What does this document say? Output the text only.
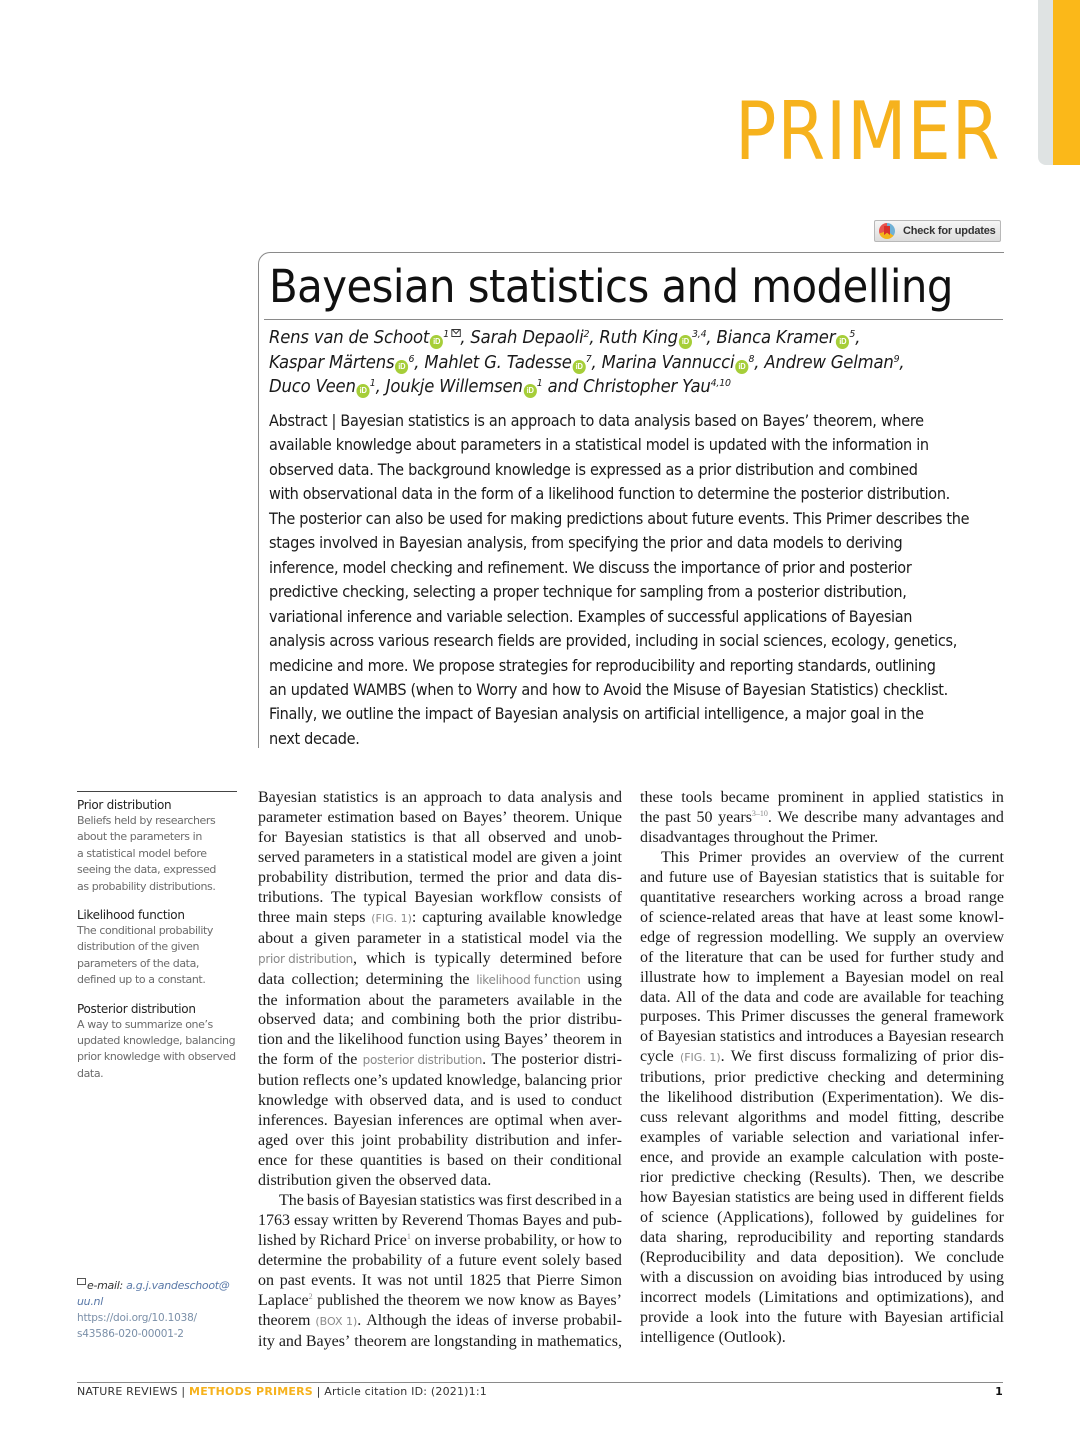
PRIMER
Check for updates
Bayesian statistics and modelling
Rens van de Schoot $iD^1$ , Sarah Depaoli$^2$, Ruth King iD$^{3,4}$, Bianca Kramer $iD^5$,
Kaspar Märtens $iD^6$, Mahlet G. Tadesse $iD^7$, Marina Vannucci $iD^8$, Andrew Gelman$^9$,
Duco Veen $iD^1$, Joukje Willemsen $iD^1$ and Christopher Yau$^{4,10}$
Abstract | Bayesian statistics is an approach to data analysis based on Bayes’ theorem, where
available knowledge about parameters in a statistical model is updated with the information in
observed data. The background knowledge is expressed as a prior distribution and combined
with observational data in the form of a likelihood function to determine the posterior distribution.
The posterior can also be used for making predictions about future events. This Primer describes the
stages involved in Bayesian analysis, from specifying the prior and data models to deriving
inference, model checking and refinement. We discuss the importance of prior and posterior
predictive checking, selecting a proper technique for sampling from a posterior distribution,
variational inference and variable selection. Examples of successful applications of Bayesian
analysis across various research fields are provided, including in social sciences, ecology, genetics,
medicine and more. We propose strategies for reproducibility and reporting standards, outlining
an updated WAMBS (when to Worry and how to Avoid the Misuse of Bayesian Statistics) checklist.
Finally, we outline the impact of Bayesian analysis on artificial intelligence, a major goal in the
next decade.
Prior distribution
Beliefs held by researchers
about the parameters in
a statistical model before
seeing the data, expressed
as probability distributions.
Likelihood function
The conditional probability
distribution of the given
parameters of the data,
defined up to a constant.
Posterior distribution
A way to summarize one’s
updated knowledge, balancing
prior knowledge with observed
data.
e-mail: a.g.j.vandeschoot@
uu.nl
https://doi.org/10.1038/
s43586-020-00001-2
Bayesian statistics is an approach to data analysis and
parameter estimation based on Bayes’ theorem. Unique
for Bayesian statistics is that all observed and unob-
served parameters in a statistical model are given a joint
probability distribution, termed the prior and data dis-
tributions. The typical Bayesian workflow consists of
three main steps (FIG. 1): capturing available knowledge
about a given parameter in a statistical model via the
prior distribution, which is typically determined before
data collection; determining the likelihood function using
the information about the parameters available in the
observed data; and combining both the prior distribu-
tion and the likelihood function using Bayes’ theorem in
the form of the posterior distribution. The posterior distri-
bution reflects one’s updated knowledge, balancing prior
knowledge with observed data, and is used to conduct
inferences. Bayesian inferences are optimal when aver-
aged over this joint probability distribution and infer-
ence for these quantities is based on their conditional
distribution given the observed data.
The basis of Bayesian statistics was first described in a
1763 essay written by Reverend Thomas Bayes and pub-
lished by Richard Price$^1$ on inverse probability, or how to
determine the probability of a future event solely based
on past events. It was not until 1825 that Pierre Simon
Laplace$^2$ published the theorem we now know as Bayes’
theorem (BOX 1). Although the ideas of inverse probabil-
ity and Bayes’ theorem are longstanding in mathematics,
these tools became prominent in applied statistics in
the past 50 years$^{3-10}$. We describe many advantages and
disadvantages throughout the Primer.
This Primer provides an overview of the current
and future use of Bayesian statistics that is suitable for
quantitative researchers working across a broad range
of science-related areas that have at least some knowl-
edge of regression modelling. We supply an overview
of the literature that can be used for further study and
illustrate how to implement a Bayesian model on real
data. All of the data and code are available for teaching
purposes. This Primer discusses the general framework
of Bayesian statistics and introduces a Bayesian research
cycle (FIG. 1). We first discuss formalizing of prior dis-
tributions, prior predictive checking and determining
the likelihood distribution (Experimentation). We dis-
cuss relevant algorithms and model fitting, describe
examples of variable selection and variational infer-
ence, and provide an example calculation with poste-
rior predictive checking (Results). Then, we describe
how Bayesian statistics are being used in different fields
of science (Applications), followed by guidelines for
data sharing, reproducibility and reporting standards
(Reproducibility and data deposition). We conclude
with a discussion on avoiding bias introduced by using
incorrect models (Limitations and optimizations), and
provide a look into the future with Bayesian artificial
intelligence (Outlook).
NATURE REVIEWS | METHODS PRIMERS | Article citation ID: (2021)1:1	1
